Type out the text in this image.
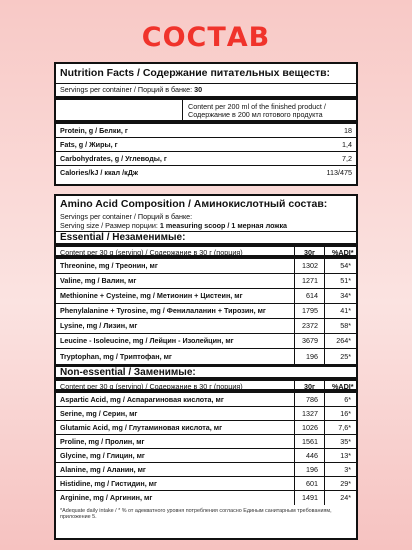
СОСТАВ
Nutrition Facts / Содержание питательных веществ:
Servings per container / Порций в банке:
30
Content per 200 ml of the finished product /
Содержание в 200 мл готового продукта
Protein, g / Белки, г	18
Fats, g / Жиры, г	1,4
Carbohydrates, g / Углеводы, г	7,2
Calories/kJ / ккал /кДж	113/475
Amino Acid Composition / Аминокислотный состав:
Servings per container / Порций в банке:
Serving size / Размер порции: 1 measuring scoop / 1 мерная ложка
Essential / Незаменимые:
Content per 30 g (serving) / Содержание в 30 г (порция)	30г %ADI*
Threonine, mg / Треонин, мг	1302	54*
Valine, mg / Валин, мг	1271	51*
Methionine + Cysteine, mg / Метионин + Цистеин, мг	614	34*
Phenylalanine + Tyrosine, mg / Фенилаланин + Тирозин, мг	1795	41*
Lysine, mg / Лизин, мг	2372	58*
Leucine - Isoleucine, mg / Лейцин - Изолейцин, мг	3679	264*
Tryptophan, mg / Триптофан, мг	196	25*
Non-essential / Заменимые:
Content per 30 g (serving) / Содержание в 30 г (порция)	30г %ADI*
Aspartic Acid, mg / Аспарагиновая кислота, мг	786	6*
Serine, mg / Серин, мг	1327	16*
Glutamic Acid, mg / Глутаминовая кислота, мг	1026	7,6*
Proline, mg / Пролин, мг	1561	35*
Glycine, mg / Глицин, мг	446	13*
Alanine, mg / Аланин, мг	196	3*
Histidine, mg / Гистидин, мг	601	29*
Arginine, mg / Аргинин, мг	1491	24*
*Adequate daily intake / * % от адекватного уровня потребления согласно Единым санитарным требованиям, приложение 5.
